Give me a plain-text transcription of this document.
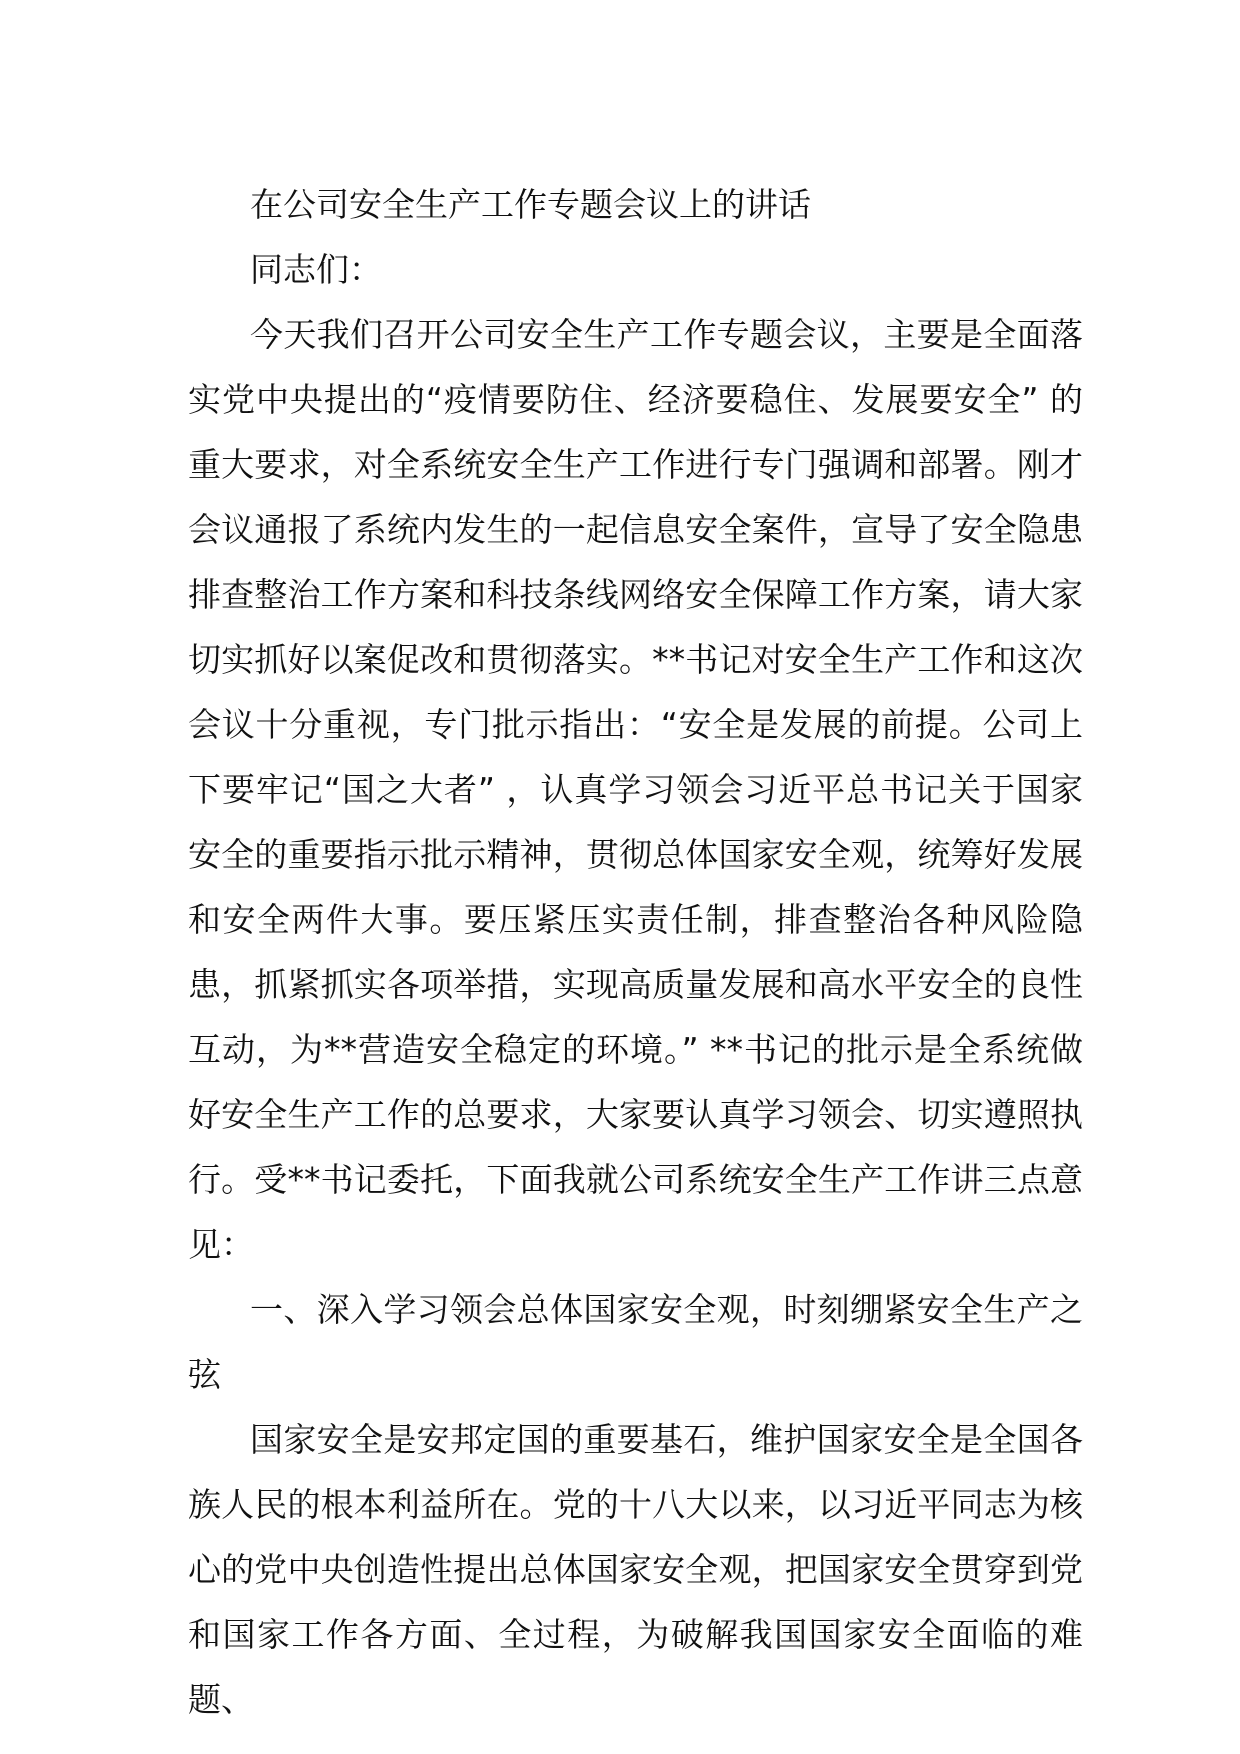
在公司安全生产工作专题会议上的讲话

同志们：

今天我们召开公司安全生产工作专题会议，主要是全面落实党中央提出的“疫情要防住、经济要稳住、发展要安全” 的重大要求，对全系统安全生产工作进行专门强调和部署。刚才会议通报了系统内发生的一起信息安全案件，宣导了安全隐患排查整治工作方案和科技条线网络安全保障工作方案，请大家切实抓好以案促改和贯彻落实。**书记对安全生产工作和这次会议十分重视，专门批示指出：“安全是发展的前提。公司上下要牢记“国之大者” ，认真学习领会习近平总书记关于国家安全的重要指示批示精神，贯彻总体国家安全观，统筹好发展和安全两件大事。要压紧压实责任制，排查整治各种风险隐患，抓紧抓实各项举措，实现高质量发展和高水平安全的良性互动，为**营造安全稳定的环境。” **书记的批示是全系统做好安全生产工作的总要求，大家要认真学习领会、切实遵照执行。受**书记委托，下面我就公司系统安全生产工作讲三点意见：

一、深入学习领会总体国家安全观，时刻绷紧安全生产之弦

国家安全是安邦定国的重要基石，维护国家安全是全国各族人民的根本利益所在。党的十八大以来，以习近平同志为核心的党中央创造性提出总体国家安全观，把国家安全贯穿到党和国家工作各方面、全过程，为破解我国国家安全面临的难题、
